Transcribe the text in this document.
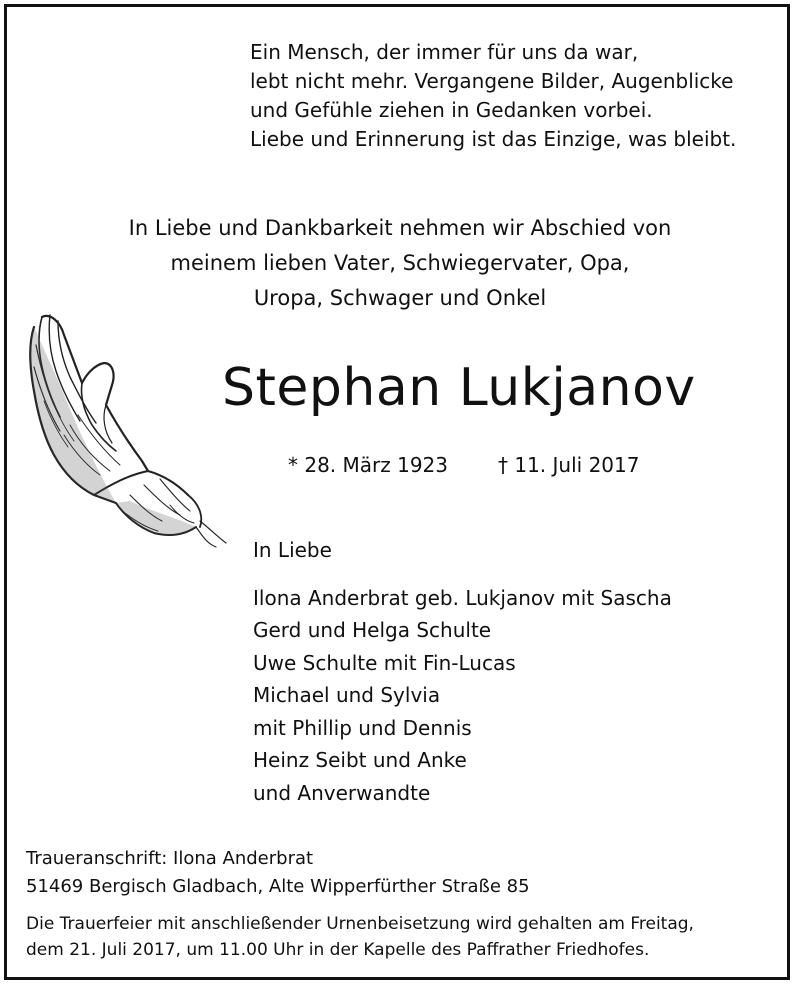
Ein Mensch, der immer für uns da war,
lebt nicht mehr. Vergangene Bilder, Augenblicke
und Gefühle ziehen in Gedanken vorbei.
Liebe und Erinnerung ist das Einzige, was bleibt.
In Liebe und Dankbarkeit nehmen wir Abschied von
meinem lieben Vater, Schwiegervater, Opa,
Uropa, Schwager und Onkel
Stephan Lukjanov
* 28. März 1923 † 11. Juli 2017
In Liebe
Ilona Anderbrat geb. Lukjanov mit Sascha
Gerd und Helga Schulte
Uwe Schulte mit Fin-Lucas
Michael und Sylvia
mit Phillip und Dennis
Heinz Seibt und Anke
und Anverwandte
Traueranschrift: Ilona Anderbrat
51469 Bergisch Gladbach, Alte Wipperfürther Straße 85
Die Trauerfeier mit anschließender Urnenbeisetzung wird gehalten am Freitag,
dem 21. Juli 2017, um 11.00 Uhr in der Kapelle des Paffrather Friedhofes.
